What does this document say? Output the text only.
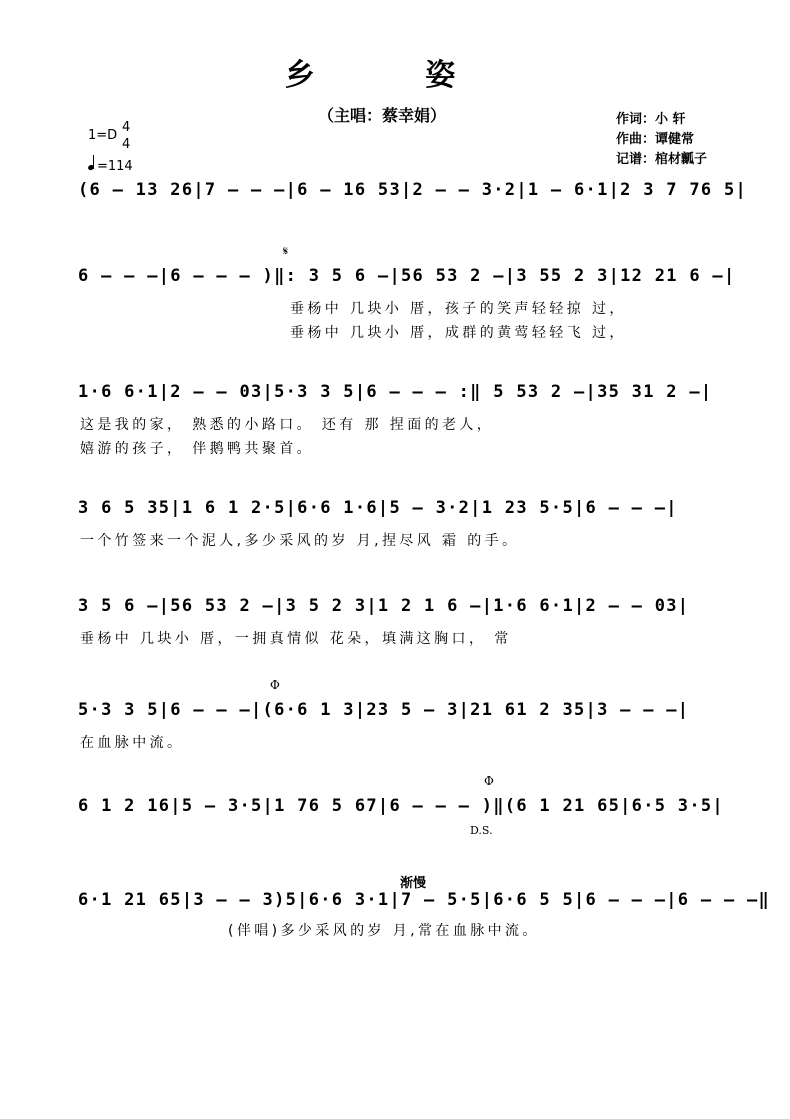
乡 姿
（主唱：蔡幸娟）	作词：小 轩
作曲：谭健常
记谱：棺材瓤子
1=D
4
4
=114
(6 – 13 26|7 – – –|6 – 16 53|2 – – 3·2|1 – 6·1|2 3 7 76 5|
6 – – –|6 – – – )‖: 3 5 6 –|56 53 2 –|3 55 2 3|12 21 6 –|
𝄋
垂杨中 几块小 厝，孩子的笑声轻轻掠 过，
垂杨中 几块小 厝，成群的黄莺轻轻飞 过，
1·6 6·1|2 – – 03|5·3 3 5|6 – – – :‖ 5 53 2 –|35 31 2 –|
这是我的家， 熟悉的小路口。 还有 那 捏面的老人，
嬉游的孩子， 伴鹅鸭共聚首。
3 6 5 35|1 6 1 2·5|6·6 1·6|5 – 3·2|1 23 5·5|6 – – –|
一个竹签来一个泥人,多少采风的岁 月,捏尽风 霜 的手。
3 5 6 –|56 53 2 –|3 5 2 3|1 2 1 6 –|1·6 6·1|2 – – 03|
垂杨中 几块小 厝，一拥真情似 花朵，填满这胸口， 常
Φ
5·3 3 5|6 – – –|(6·6 1 3|23 5 – 3|21 61 2 35|3 – – –|
在血脉中流。
Φ
6 1 2 16|5 – 3·5|1 76 5 67|6 – – – )‖(6 1 21 65|6·5 3·5|
D.S.
渐慢
6·1 21 65|3 – – 3)5|6·6 3·1|7 – 5·5|6·6 5 5|6 – – –|6 – – –‖
(伴唱)多少采风的岁 月,常在血脉中流。
